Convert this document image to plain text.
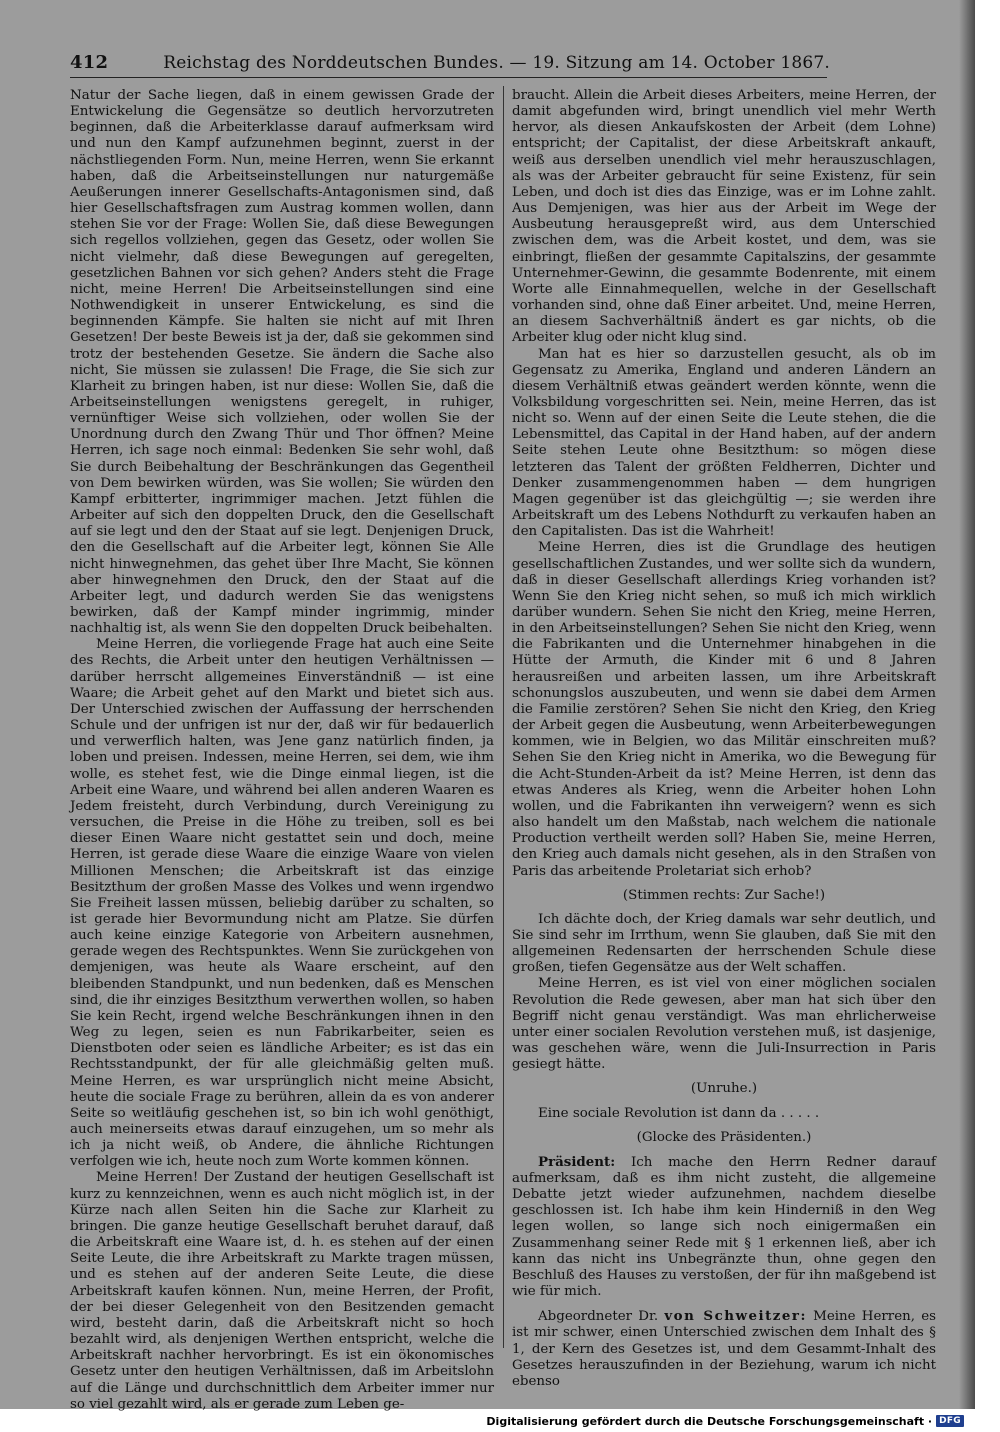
412	Reichstag des Norddeutschen Bundes. — 19. Sitzung am 14. October 1867.

Natur der Sache liegen, daß in einem gewissen Grade der Entwickelung die Gegensätze so deutlich hervorzutreten beginnen, daß die Arbeiterklasse darauf aufmerksam wird und nun den Kampf aufzunehmen beginnt, zuerst in der nächstliegenden Form. Nun, meine Herren, wenn Sie erkannt haben, daß die Arbeitseinstellungen nur naturgemäße Aeußerungen innerer Gesellschafts-Antagonismen sind, daß hier Gesellschaftsfragen zum Austrag kommen wollen, dann stehen Sie vor der Frage: Wollen Sie, daß diese Bewegungen sich regellos vollziehen, gegen das Gesetz, oder wollen Sie nicht vielmehr, daß diese Bewegungen auf geregelten, gesetzlichen Bahnen vor sich gehen? Anders steht die Frage nicht, meine Herren! Die Arbeitseinstellungen sind eine Nothwendigkeit in unserer Entwickelung, es sind die beginnenden Kämpfe. Sie halten sie nicht auf mit Ihren Gesetzen! Der beste Beweis ist ja der, daß sie gekommen sind trotz der bestehenden Gesetze. Sie ändern die Sache also nicht, Sie müssen sie zulassen! Die Frage, die Sie sich zur Klarheit zu bringen haben, ist nur diese: Wollen Sie, daß die Arbeitseinstellungen wenigstens geregelt, in ruhiger, vernünftiger Weise sich vollziehen, oder wollen Sie der Unordnung durch den Zwang Thür und Thor öffnen? Meine Herren, ich sage noch einmal: Bedenken Sie sehr wohl, daß Sie durch Beibehaltung der Beschränkungen das Gegentheil von Dem bewirken würden, was Sie wollen; Sie würden den Kampf erbitterter, ingrimmiger machen. Jetzt fühlen die Arbeiter auf sich den doppelten Druck, den die Gesellschaft auf sie legt und den der Staat auf sie legt. Denjenigen Druck, den die Gesellschaft auf die Arbeiter legt, können Sie Alle nicht hinwegnehmen, das gehet über Ihre Macht, Sie können aber hinwegnehmen den Druck, den der Staat auf die Arbeiter legt, und dadurch werden Sie das wenigstens bewirken, daß der Kampf minder ingrimmig, minder nachhaltig ist, als wenn Sie den doppelten Druck beibehalten.

Meine Herren, die vorliegende Frage hat auch eine Seite des Rechts, die Arbeit unter den heutigen Verhältnissen — darüber herrscht allgemeines Einverständniß — ist eine Waare; die Arbeit gehet auf den Markt und bietet sich aus. Der Unterschied zwischen der Auffassung der herrschenden Schule und der unfrigen ist nur der, daß wir für bedauerlich und verwerflich halten, was Jene ganz natürlich finden, ja loben und preisen. Indessen, meine Herren, sei dem, wie ihm wolle, es stehet fest, wie die Dinge einmal liegen, ist die Arbeit eine Waare, und während bei allen anderen Waaren es Jedem freisteht, durch Verbindung, durch Vereinigung zu versuchen, die Preise in die Höhe zu treiben, soll es bei dieser Einen Waare nicht gestattet sein und doch, meine Herren, ist gerade diese Waare die einzige Waare von vielen Millionen Menschen; die Arbeitskraft ist das einzige Besitzthum der großen Masse des Volkes und wenn irgendwo Sie Freiheit lassen müssen, beliebig darüber zu schalten, so ist gerade hier Bevormundung nicht am Platze. Sie dürfen auch keine einzige Kategorie von Arbeitern ausnehmen, gerade wegen des Rechtspunktes. Wenn Sie zurückgehen von demjenigen, was heute als Waare erscheint, auf den bleibenden Standpunkt, und nun bedenken, daß es Menschen sind, die ihr einziges Besitzthum verwerthen wollen, so haben Sie kein Recht, irgend welche Beschränkungen ihnen in den Weg zu legen, seien es nun Fabrikarbeiter, seien es Dienstboten oder seien es ländliche Arbeiter; es ist das ein Rechtsstandpunkt, der für alle gleichmäßig gelten muß. Meine Herren, es war ursprünglich nicht meine Absicht, heute die sociale Frage zu berühren, allein da es von anderer Seite so weitläufig geschehen ist, so bin ich wohl genöthigt, auch meinerseits etwas darauf einzugehen, um so mehr als ich ja nicht weiß, ob Andere, die ähnliche Richtungen verfolgen wie ich, heute noch zum Worte kommen können.

Meine Herren! Der Zustand der heutigen Gesellschaft ist kurz zu kennzeichnen, wenn es auch nicht möglich ist, in der Kürze nach allen Seiten hin die Sache zur Klarheit zu bringen. Die ganze heutige Gesellschaft beruhet darauf, daß die Arbeitskraft eine Waare ist, d. h. es stehen auf der einen Seite Leute, die ihre Arbeitskraft zu Markte tragen müssen, und es stehen auf der anderen Seite Leute, die diese Arbeitskraft kaufen können. Nun, meine Herren, der Profit, der bei dieser Gelegenheit von den Besitzenden gemacht wird, besteht darin, daß die Arbeitskraft nicht so hoch bezahlt wird, als denjenigen Werthen entspricht, welche die Arbeitskraft nachher hervorbringt. Es ist ein ökonomisches Gesetz unter den heutigen Verhältnissen, daß im Arbeitslohn auf die Länge und durchschnittlich dem Arbeiter immer nur so viel gezahlt wird, als er gerade zum Leben ge-

braucht. Allein die Arbeit dieses Arbeiters, meine Herren, der damit abgefunden wird, bringt unendlich viel mehr Werth hervor, als diesen Ankaufskosten der Arbeit (dem Lohne) entspricht; der Capitalist, der diese Arbeitskraft ankauft, weiß aus derselben unendlich viel mehr herauszuschlagen, als was der Arbeiter gebraucht für seine Existenz, für sein Leben, und doch ist dies das Einzige, was er im Lohne zahlt. Aus Demjenigen, was hier aus der Arbeit im Wege der Ausbeutung herausgepreßt wird, aus dem Unterschied zwischen dem, was die Arbeit kostet, und dem, was sie einbringt, fließen der gesammte Capitalszins, der gesammte Unternehmer-Gewinn, die gesammte Bodenrente, mit einem Worte alle Einnahmequellen, welche in der Gesellschaft vorhanden sind, ohne daß Einer arbeitet. Und, meine Herren, an diesem Sachverhältniß ändert es gar nichts, ob die Arbeiter klug oder nicht klug sind.

Man hat es hier so darzustellen gesucht, als ob im Gegensatz zu Amerika, England und anderen Ländern an diesem Verhältniß etwas geändert werden könnte, wenn die Volksbildung vorgeschritten sei. Nein, meine Herren, das ist nicht so. Wenn auf der einen Seite die Leute stehen, die die Lebensmittel, das Capital in der Hand haben, auf der andern Seite stehen Leute ohne Besitzthum: so mögen diese letzteren das Talent der größten Feldherren, Dichter und Denker zusammengenommen haben — dem hungrigen Magen gegenüber ist das gleichgültig —; sie werden ihre Arbeitskraft um des Lebens Nothdurft zu verkaufen haben an den Capitalisten. Das ist die Wahrheit!

Meine Herren, dies ist die Grundlage des heutigen gesellschaftlichen Zustandes, und wer sollte sich da wundern, daß in dieser Gesellschaft allerdings Krieg vorhanden ist? Wenn Sie den Krieg nicht sehen, so muß ich mich wirklich darüber wundern. Sehen Sie nicht den Krieg, meine Herren, in den Arbeitseinstellungen? Sehen Sie nicht den Krieg, wenn die Fabrikanten und die Unternehmer hinabgehen in die Hütte der Armuth, die Kinder mit 6 und 8 Jahren herausreißen und arbeiten lassen, um ihre Arbeitskraft schonungslos auszubeuten, und wenn sie dabei dem Armen die Familie zerstören? Sehen Sie nicht den Krieg, den Krieg der Arbeit gegen die Ausbeutung, wenn Arbeiterbewegungen kommen, wie in Belgien, wo das Militär einschreiten muß? Sehen Sie den Krieg nicht in Amerika, wo die Bewegung für die Acht-Stunden-Arbeit da ist? Meine Herren, ist denn das etwas Anderes als Krieg, wenn die Arbeiter hohen Lohn wollen, und die Fabrikanten ihn verweigern? wenn es sich also handelt um den Maßstab, nach welchem die nationale Production vertheilt werden soll? Haben Sie, meine Herren, den Krieg auch damals nicht gesehen, als in den Straßen von Paris das arbeitende Proletariat sich erhob?

(Stimmen rechts: Zur Sache!)

Ich dächte doch, der Krieg damals war sehr deutlich, und Sie sind sehr im Irrthum, wenn Sie glauben, daß Sie mit den allgemeinen Redensarten der herrschenden Schule diese großen, tiefen Gegensätze aus der Welt schaffen.

Meine Herren, es ist viel von einer möglichen socialen Revolution die Rede gewesen, aber man hat sich über den Begriff nicht genau verständigt. Was man ehrlicherweise unter einer socialen Revolution verstehen muß, ist dasjenige, was geschehen wäre, wenn die Juli-Insurrection in Paris gesiegt hätte.

(Unruhe.)

Eine sociale Revolution ist dann da . . . . .

(Glocke des Präsidenten.)

Präsident: Ich mache den Herrn Redner darauf aufmerksam, daß es ihm nicht zusteht, die allgemeine Debatte jetzt wieder aufzunehmen, nachdem dieselbe geschlossen ist. Ich habe ihm kein Hinderniß in den Weg legen wollen, so lange sich noch einigermaßen ein Zusammenhang seiner Rede mit § 1 erkennen ließ, aber ich kann das nicht ins Unbegränzte thun, ohne gegen den Beschluß des Hauses zu verstoßen, der für ihn maßgebend ist wie für mich.

Abgeordneter Dr. von Schweitzer: Meine Herren, es ist mir schwer, einen Unterschied zwischen dem Inhalt des § 1, der Kern des Gesetzes ist, und dem Gesammt-Inhalt des Gesetzes herauszufinden in der Beziehung, warum ich nicht ebenso

Digitalisierung gefördert durch die Deutsche Forschungsgemeinschaft · DFG
